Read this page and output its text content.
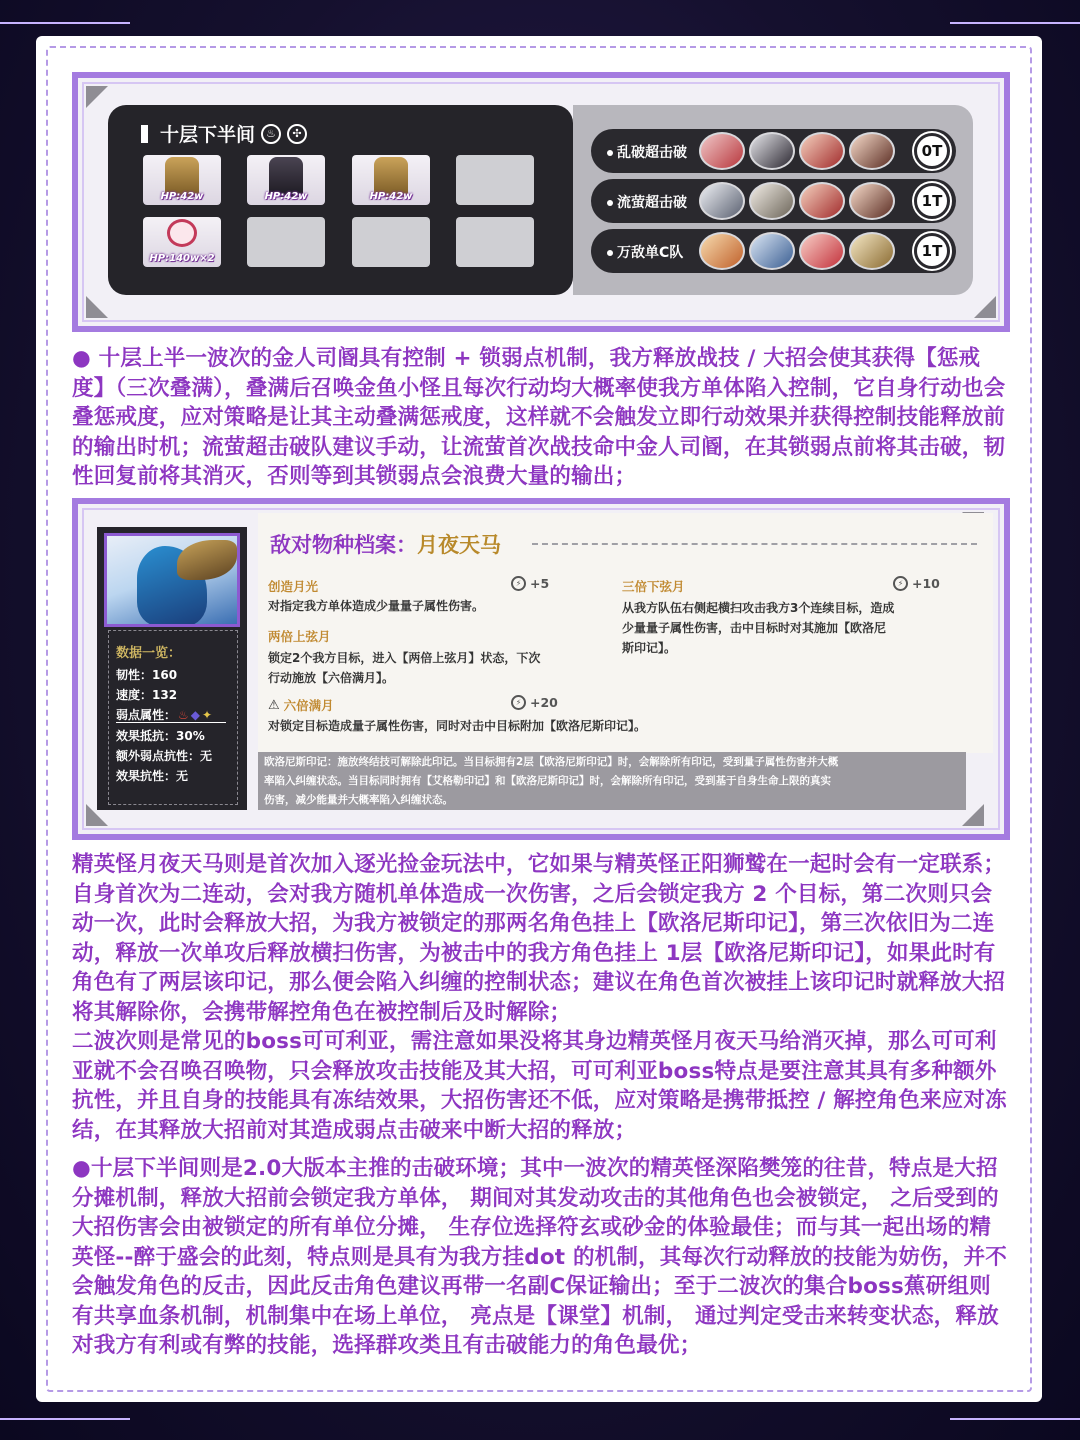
十层下半间	♨	✣
HP:42w	HP:42w	HP:42w
HP:140w×2
乱破超击破	0T
流萤超击破	1T
万敌单C队	1T
● 十层上半一波次的金人司阍具有控制 + 锁弱点机制，我方释放战技 / 大招会使其获得【惩戒度】（三次叠满），叠满后召唤金鱼小怪且每次行动均大概率使我方单体陷入控制，它自身行动也会叠惩戒度，应对策略是让其主动叠满惩戒度，这样就不会触发立即行动效果并获得控制技能释放前的输出时机；流萤超击破队建议手动，让流萤首次战技命中金人司阍，在其锁弱点前将其击破，韧性回复前将其消灭，否则等到其锁弱点会浪费大量的输出；
数据一览：
韧性：160
速度：132
弱点属性： ♨ ◆ ✦
效果抵抗：30%
额外弱点抗性：无
效果抗性：无
敌对物种档案：月夜天马
创造月光	⚡ +5
对指定我方单体造成少量量子属性伤害。
两倍上弦月
锁定2个我方目标，进入【两倍上弦月】状态，下次
行动施放【六倍满月】。
三倍下弦月	⚡ +10
从我方队伍右侧起横扫攻击我方3个连续目标，造成
少量量子属性伤害，击中目标时对其施加【欧洛尼
斯印记】。
⚠ 六倍满月	⚡ +20
对锁定目标造成量子属性伤害，同时对击中目标附加【欧洛尼斯印记】。
欧洛尼斯印记：施放终结技可解除此印记。当目标拥有2层【欧洛尼斯印记】时，会解除所有印记，受到量子属性伤害并大概
率陷入纠缠状态。当目标同时拥有【艾格勒印记】和【欧洛尼斯印记】时，会解除所有印记，受到基于自身生命上限的真实
伤害，减少能量并大概率陷入纠缠状态。
精英怪月夜天马则是首次加入逐光捡金玩法中，它如果与精英怪正阳狮鹫在一起时会有一定联系；自身首次为二连动，会对我方随机单体造成一次伤害，之后会锁定我方 2 个目标，第二次则只会动一次，此时会释放大招，为我方被锁定的那两名角色挂上【欧洛尼斯印记】，第三次依旧为二连动，释放一次单攻后释放横扫伤害，为被击中的我方角色挂上 1层【欧洛尼斯印记】，如果此时有角色有了两层该印记，那么便会陷入纠缠的控制状态；建议在角色首次被挂上该印记时就释放大招将其解除你，会携带解控角色在被控制后及时解除；
二波次则是常见的boss可可利亚，需注意如果没将其身边精英怪月夜天马给消灭掉，那么可可利亚就不会召唤召唤物，只会释放攻击技能及其大招，可可利亚boss特点是要注意其具有多种额外抗性，并且自身的技能具有冻结效果，大招伤害还不低，应对策略是携带抵控 / 解控角色来应对冻结，在其释放大招前对其造成弱点击破来中断大招的释放；
●十层下半间则是2.0大版本主推的击破环境；其中一波次的精英怪深陷樊笼的往昔，特点是大招分摊机制，释放大招前会锁定我方单体， 期间对其发动攻击的其他角色也会被锁定， 之后受到的大招伤害会由被锁定的所有单位分摊， 生存位选择符玄或砂金的体验最佳；而与其一起出场的精英怪--醉于盛会的此刻，特点则是具有为我方挂dot 的机制，其每次行动释放的技能为妨伤，并不会触发角色的反击，因此反击角色建议再带一名副C保证输出；至于二波次的集合boss蕉研组则有共享血条机制，机制集中在场上单位， 亮点是【课堂】机制， 通过判定受击来转变状态，释放对我方有利或有弊的技能，选择群攻类且有击破能力的角色最优；
